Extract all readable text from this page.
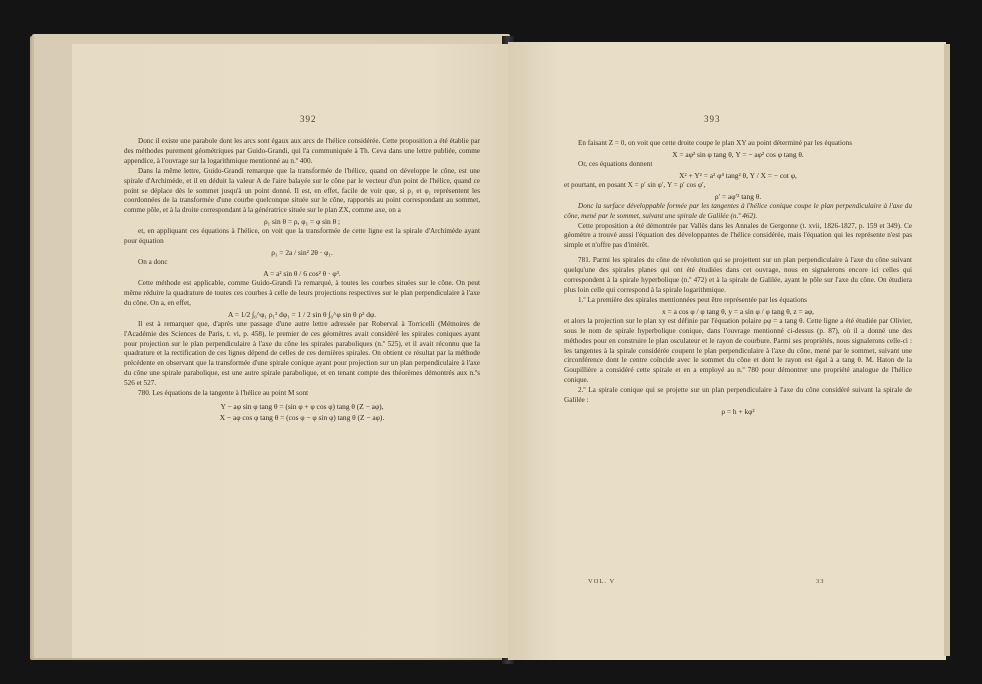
392

Donc il existe une parabole dont les arcs sont égaux aux arcs de l'hélice considérée. Cette proposition a été établie par des méthodes purement géométriques par Guido-Grandi, qui l'a communiquée à Th. Ceva dans une lettre publiée, comme appendice, à l'ouvrage sur la logarithmique mentionné au n.º 400.

Dans la même lettre, Guido-Grandi remarque que la transformée de l'hélice, quand on développe le cône, est une spirale d'Archimède, et il en déduit la valeur A de l'aire balayée sur le cône par le vecteur d'un point de l'hélice, quand ce point se déplace dès le sommet jusqu'à un point donné. Il est, en effet, facile de voir que, si ρ₁ et φ₁ représentent les coordonnées de la transformée d'une courbe quelconque située sur le cône, rapportés au point correspondant au sommet, comme pôle, et à la droite correspondant à la génératrice située sur le plan ZX, comme axe, on a

ρ₁ sin θ = ρ, φ₁ = φ sin θ ;

et, en appliquant ces équations à l'hélice, on voit que la transformée de cette ligne est la spirale d'Archimède ayant pour équation

ρ₁ = 2a / sin² 2θ · φ₁.

On a donc

A = a² sin θ / 6 cos² θ · φ³.

Cette méthode est applicable, comme Guido-Grandi l'a remarqué, à toutes les courbes situées sur le cône. On peut même réduire la quadrature de toutes ces courbes à celle de leurs projections respectives sur le plan perpendiculaire à l'axe du cône. On a, en effet,

A = 1/2 ∫₀^φ₁ ρ₁² dφ₁ = 1 / 2 sin θ ∫₀^φ sin θ ρ² dφ.

Il est à remarquer que, d'après une passage d'une autre lettre adressée par Roberval à Torricelli (Mémoires de l'Académie des Sciences de Paris, t. vi, p. 458), le premier de ces géomètres avait considéré les spirales coniques ayant pour projection sur le plan perpendiculaire à l'axe du cône les spirales paraboliques (n.º 525), et il avait réconnu que la quadrature et la rectification de ces lignes dépend de celles de ces dernières spirales. On obtient ce résultat par la méthode précédente en observant que la transformée d'une spirale conique ayant pour projection sur un plan perpendiculaire à l'axe du cône une spirale parabolique, est une autre spirale parabolique, et en tenant compte des théorèmes démontrés aux n.ºs 526 et 527.

780. Les équations de la tangente à l'hélice au point M sont

Y − aφ sin φ tang θ = (sin φ + φ cos φ) tang θ (Z − aφ),

X − aφ cos φ tang θ = (cos φ − φ sin φ) tang θ (Z − aφ).

393

En faisant Z = 0, on voit que cette droite coupe le plan XY au point déterminé par les équations

X = aφ² sin φ tang θ, Y = − aφ² cos φ tang θ.

Or, ces équations donnent

X² + Y² = a² φ⁴ tang² θ, Y / X = − cot φ,

et pourtant, en posant X = ρ′ sin φ′, Y = ρ′ cos φ′,

ρ′ = aφ′² tang θ.

Donc la surface développable formée par les tangentes à l'hélice conique coupe le plan perpendiculaire à l'axe du cône, mené par le sommet, suivant une spirale de Galilée (n.º 462).

Cette proposition a été démontrée par Vallès dans les Annales de Gergonne (t. xvii, 1826-1827, p. 159 et 349). Ce géomètre a trouvé aussi l'équation des développantes de l'hélice considérée, mais l'équation qui les représente n'est pas simple et n'offre pas d'intérêt.

781. Parmi les spirales du cône de révolution qui se projettent sur un plan perpendiculaire à l'axe du cône suivant quelqu'une des spirales planes qui ont été étudiées dans cet ouvrage, nous en signalerons encore ici celles qui correspondent à la spirale hyperbolique (n.º 472) et à la spirale de Galilée, ayant le pôle sur l'axe du cône. On étudiera plus loin celle qui correspond à la spirale logarithmique.

1.º La première des spirales mentionnées peut être représentée par les équations

x = a cos φ / φ tang θ, y = a sin φ / φ tang θ, z = aφ,

et alors la projection sur le plan xy est définie par l'équation polaire ρφ = a tang θ. Cette ligne a été étudiée par Olivier, sous le nom de spirale hyperbolique conique, dans l'ouvrage mentionné ci-dessus (p. 87), où il a donné une des méthodes pour en construire le plan osculateur et le rayon de courbure. Parmi ses propriétés, nous signalerons celle-ci : les tangentes à la spirale considérée coupent le plan perpendiculaire à l'axe du cône, mené par le sommet, suivant une circonférence dont le centre coïncide avec le sommet du cône et dont le rayon est égal à a tang θ. M. Haton de la Goupillière a considéré cette spirale et en a employé au n.º 780 pour démontrer une propriété analogue de l'hélice conique.

2.º La spirale conique qui se projette sur un plan perpendiculaire à l'axe du cône considéré suivant la spirale de Galilée :

ρ = h + kφ²

VOL. V	33
